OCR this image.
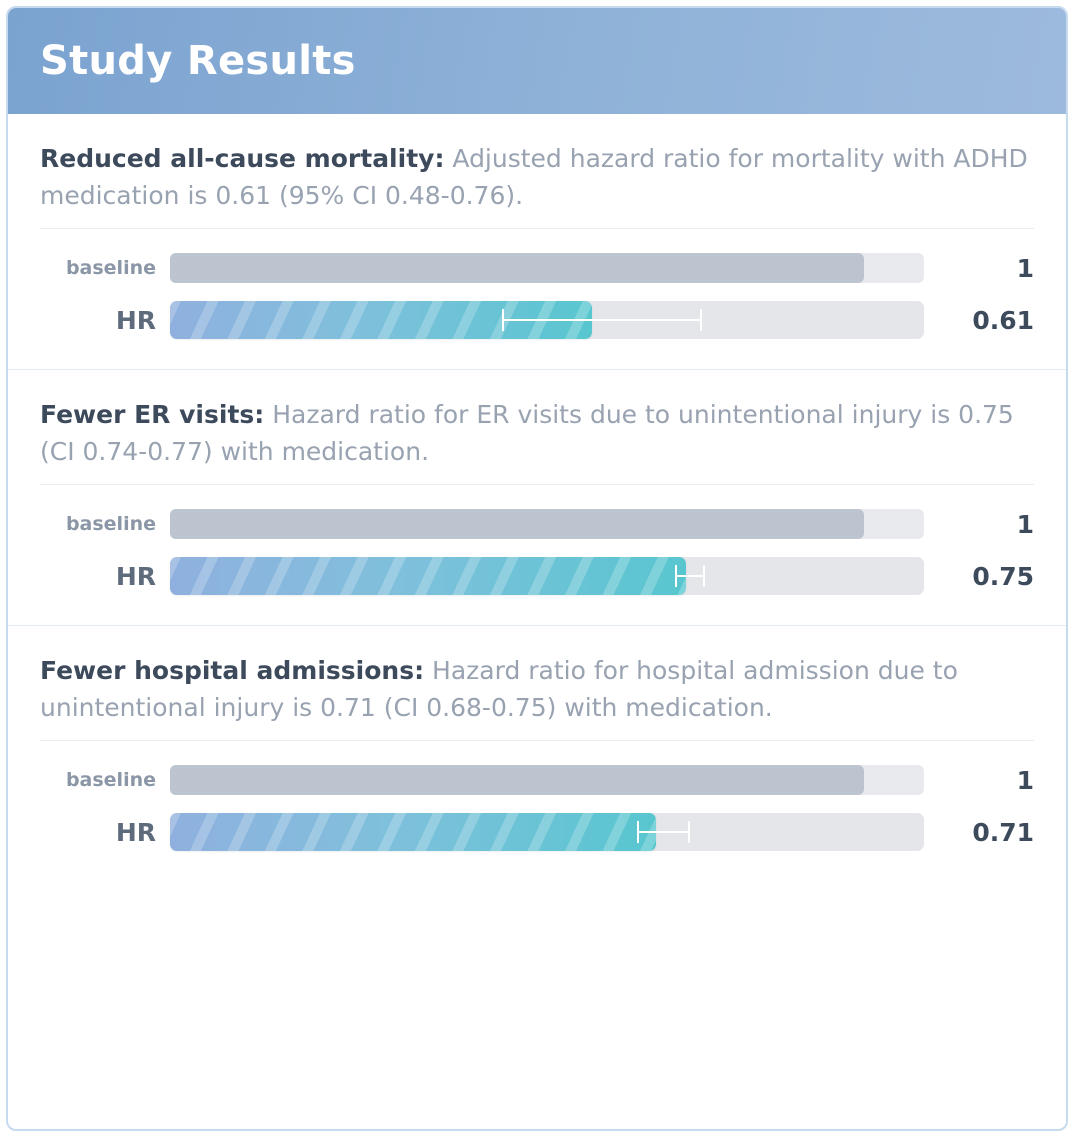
Study Results

Reduced all-cause mortality: Adjusted hazard ratio for mortality with ADHD medication is 0.61 (95% CI 0.48-0.76).

baseline	1
HR	0.61

Fewer ER visits: Hazard ratio for ER visits due to unintentional injury is 0.75 (CI 0.74-0.77) with medication.

baseline	1
HR	0.75

Fewer hospital admissions: Hazard ratio for hospital admission due to unintentional injury is 0.71 (CI 0.68-0.75) with medication.

baseline	1
HR	0.71
